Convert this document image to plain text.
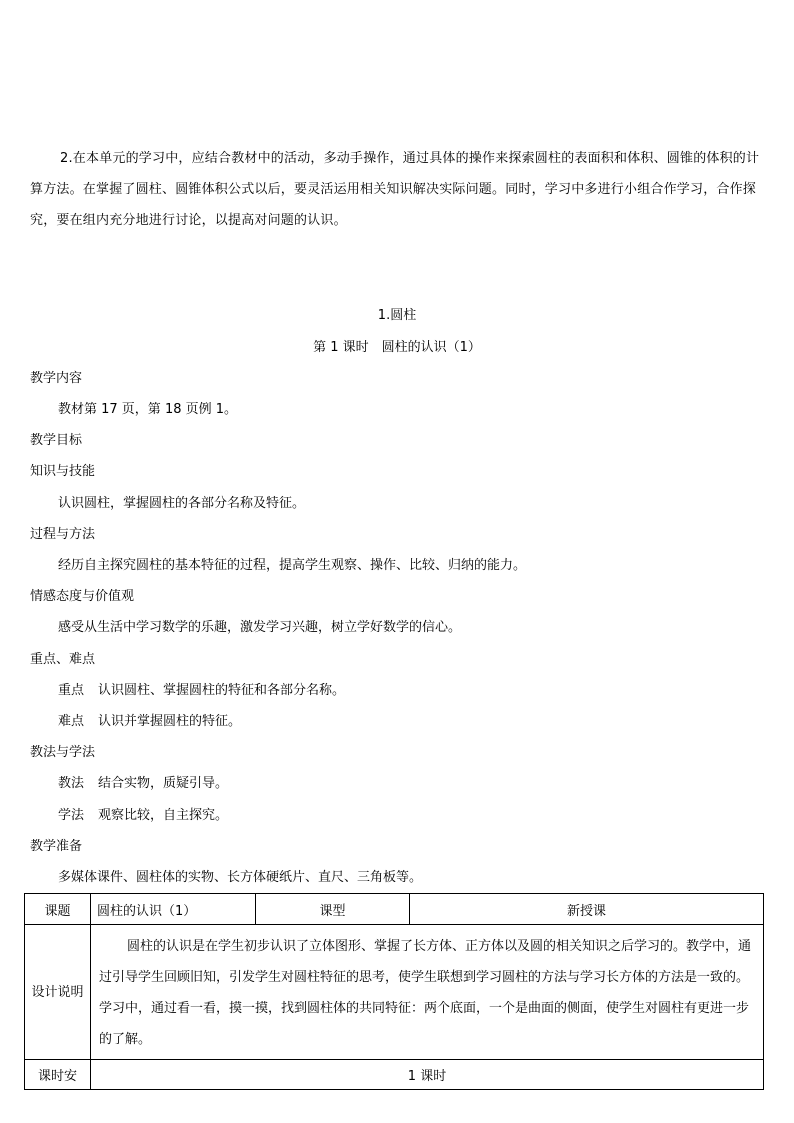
2.在本单元的学习中，应结合教材中的活动，多动手操作，通过具体的操作来探索圆柱的表面积和体积、圆锥的体积的计算方法。在掌握了圆柱、圆锥体积公式以后，要灵活运用相关知识解决实际问题。同时，学习中多进行小组合作学习，合作探究，要在组内充分地进行讨论，以提高对问题的认识。
1.圆柱
第 1 课时　圆柱的认识（1）
教学内容
教材第 17 页，第 18 页例 1。
教学目标
知识与技能
认识圆柱，掌握圆柱的各部分名称及特征。
过程与方法
经历自主探究圆柱的基本特征的过程，提高学生观察、操作、比较、归纳的能力。
情感态度与价值观
感受从生活中学习数学的乐趣，激发学习兴趣，树立学好数学的信心。
重点、难点
重点 认识圆柱、掌握圆柱的特征和各部分名称。
难点 认识并掌握圆柱的特征。
教法与学法
教法 结合实物，质疑引导。
学法 观察比较，自主探究。
教学准备
多媒体课件、圆柱体的实物、长方体硬纸片、直尺、三角板等。
课题	圆柱的认识（1）	课型	新授课
设计说明	圆柱的认识是在学生初步认识了立体图形、掌握了长方体、正方体以及圆的相关知识之后学习的。教学中，通过引导学生回顾旧知，引发学生对圆柱特征的思考，使学生联想到学习圆柱的方法与学习长方体的方法是一致的。学习中，通过看一看，摸一摸，找到圆柱体的共同特征：两个底面，一个是曲面的侧面，使学生对圆柱有更进一步的了解。		

课时安	1 课时		
